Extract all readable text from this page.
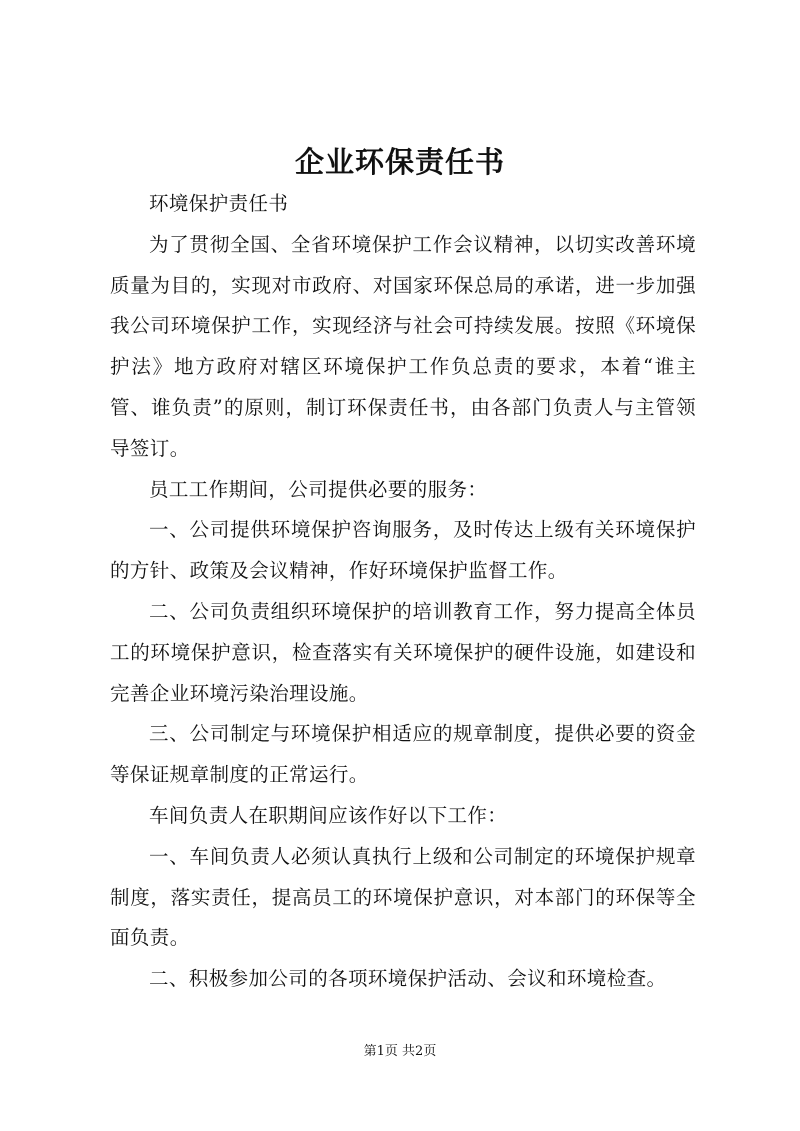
企业环保责任书

环境保护责任书

为了贯彻全国、全省环境保护工作会议精神，以切实改善环境质量为目的，实现对市政府、对国家环保总局的承诺，进一步加强我公司环境保护工作，实现经济与社会可持续发展。按照《环境保护法》地方政府对辖区环境保护工作负总责的要求，本着“谁主管、谁负责”的原则，制订环保责任书，由各部门负责人与主管领导签订。

员工工作期间，公司提供必要的服务：

一、公司提供环境保护咨询服务，及时传达上级有关环境保护的方针、政策及会议精神，作好环境保护监督工作。

二、公司负责组织环境保护的培训教育工作，努力提高全体员工的环境保护意识，检查落实有关环境保护的硬件设施，如建设和完善企业环境污染治理设施。

三、公司制定与环境保护相适应的规章制度，提供必要的资金等保证规章制度的正常运行。

车间负责人在职期间应该作好以下工作：

一、车间负责人必须认真执行上级和公司制定的环境保护规章制度，落实责任，提高员工的环境保护意识，对本部门的环保等全面负责。

二、积极参加公司的各项环境保护活动、会议和环境检查。

第1页 共2页
